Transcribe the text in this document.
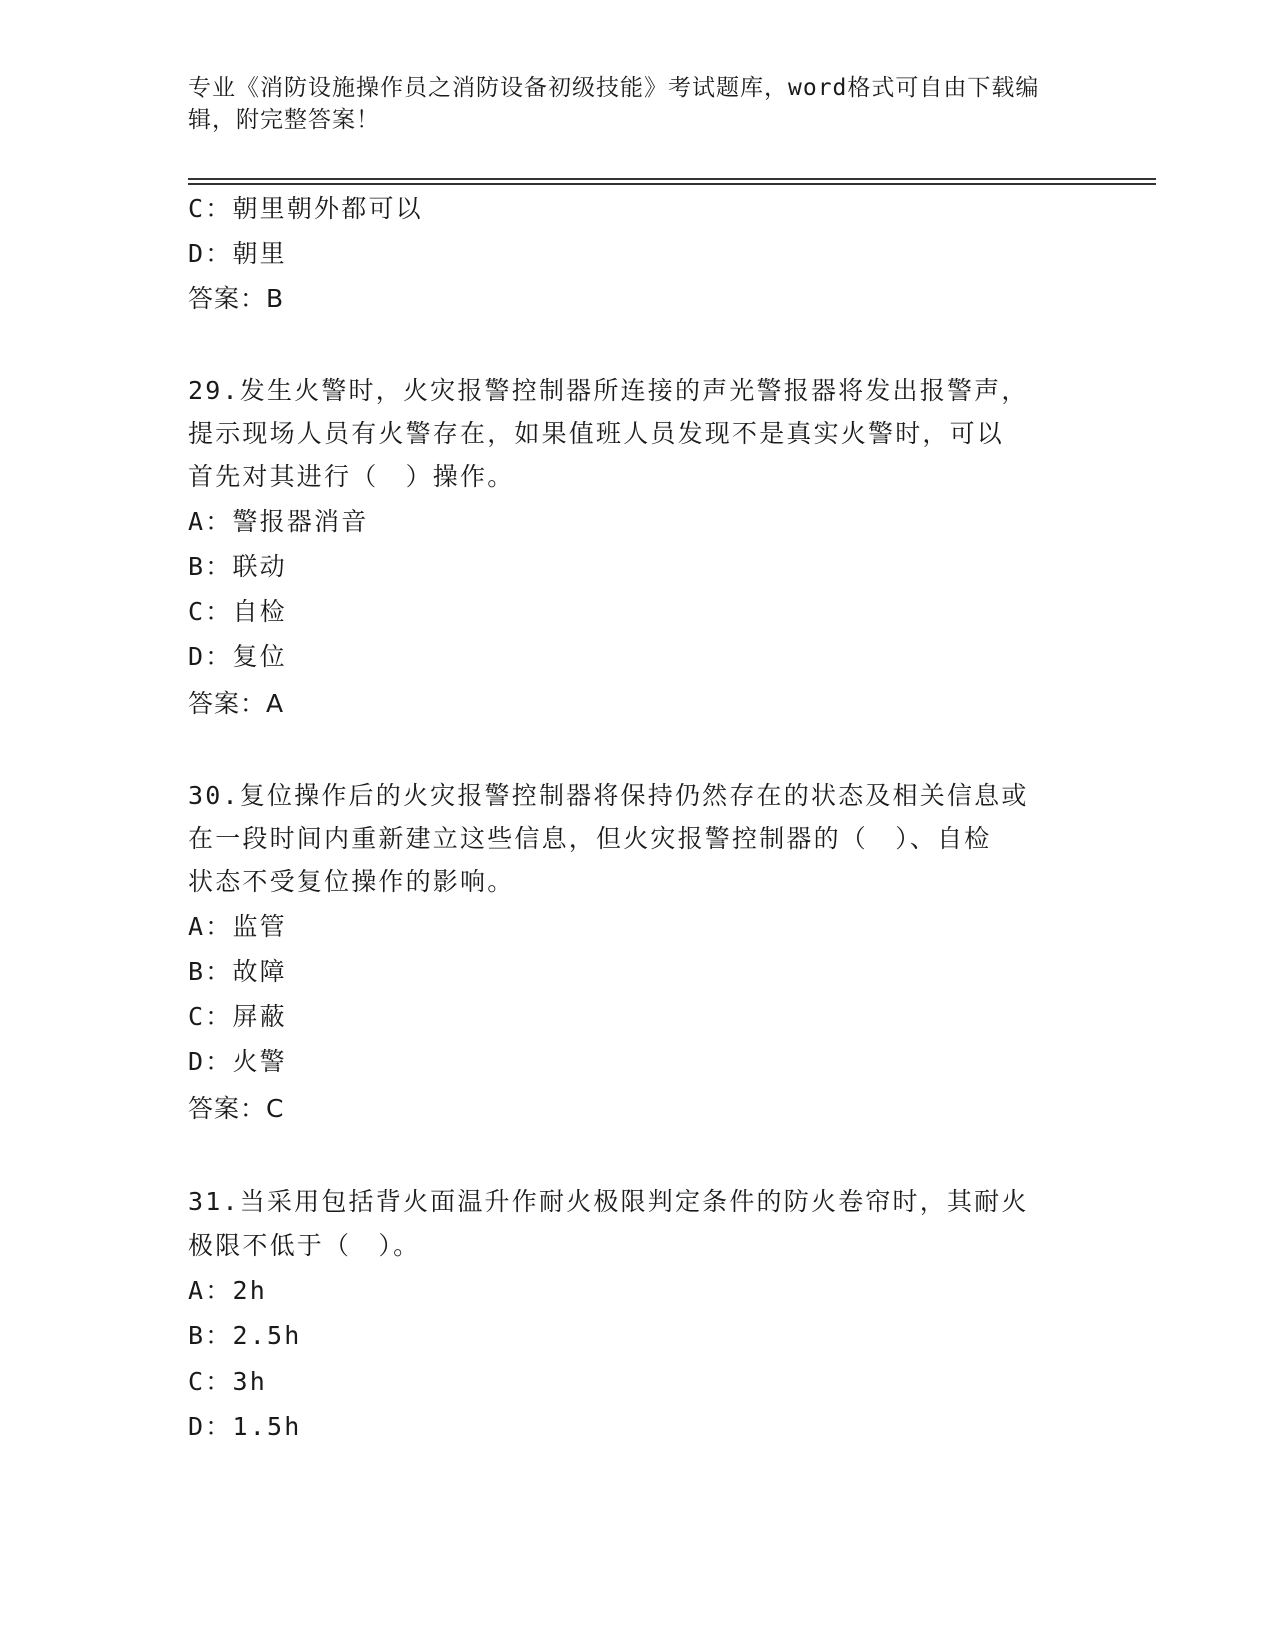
专业《消防设施操作员之消防设备初级技能》考试题库，word格式可自由下载编
辑，附完整答案！
C：朝里朝外都可以
D：朝里
答案：B
29.发生火警时，火灾报警控制器所连接的声光警报器将发出报警声，
提示现场人员有火警存在，如果值班人员发现不是真实火警时，可以
首先对其进行（　）操作。
A：警报器消音
B：联动
C：自检
D：复位
答案：A
30.复位操作后的火灾报警控制器将保持仍然存在的状态及相关信息或
在一段时间内重新建立这些信息，但火灾报警控制器的（　）、自检
状态不受复位操作的影响。
A：监管
B：故障
C：屏蔽
D：火警
答案：C
31.当采用包括背火面温升作耐火极限判定条件的防火卷帘时，其耐火
极限不低于（　）。
A：2h
B：2.5h
C：3h
D：1.5h
